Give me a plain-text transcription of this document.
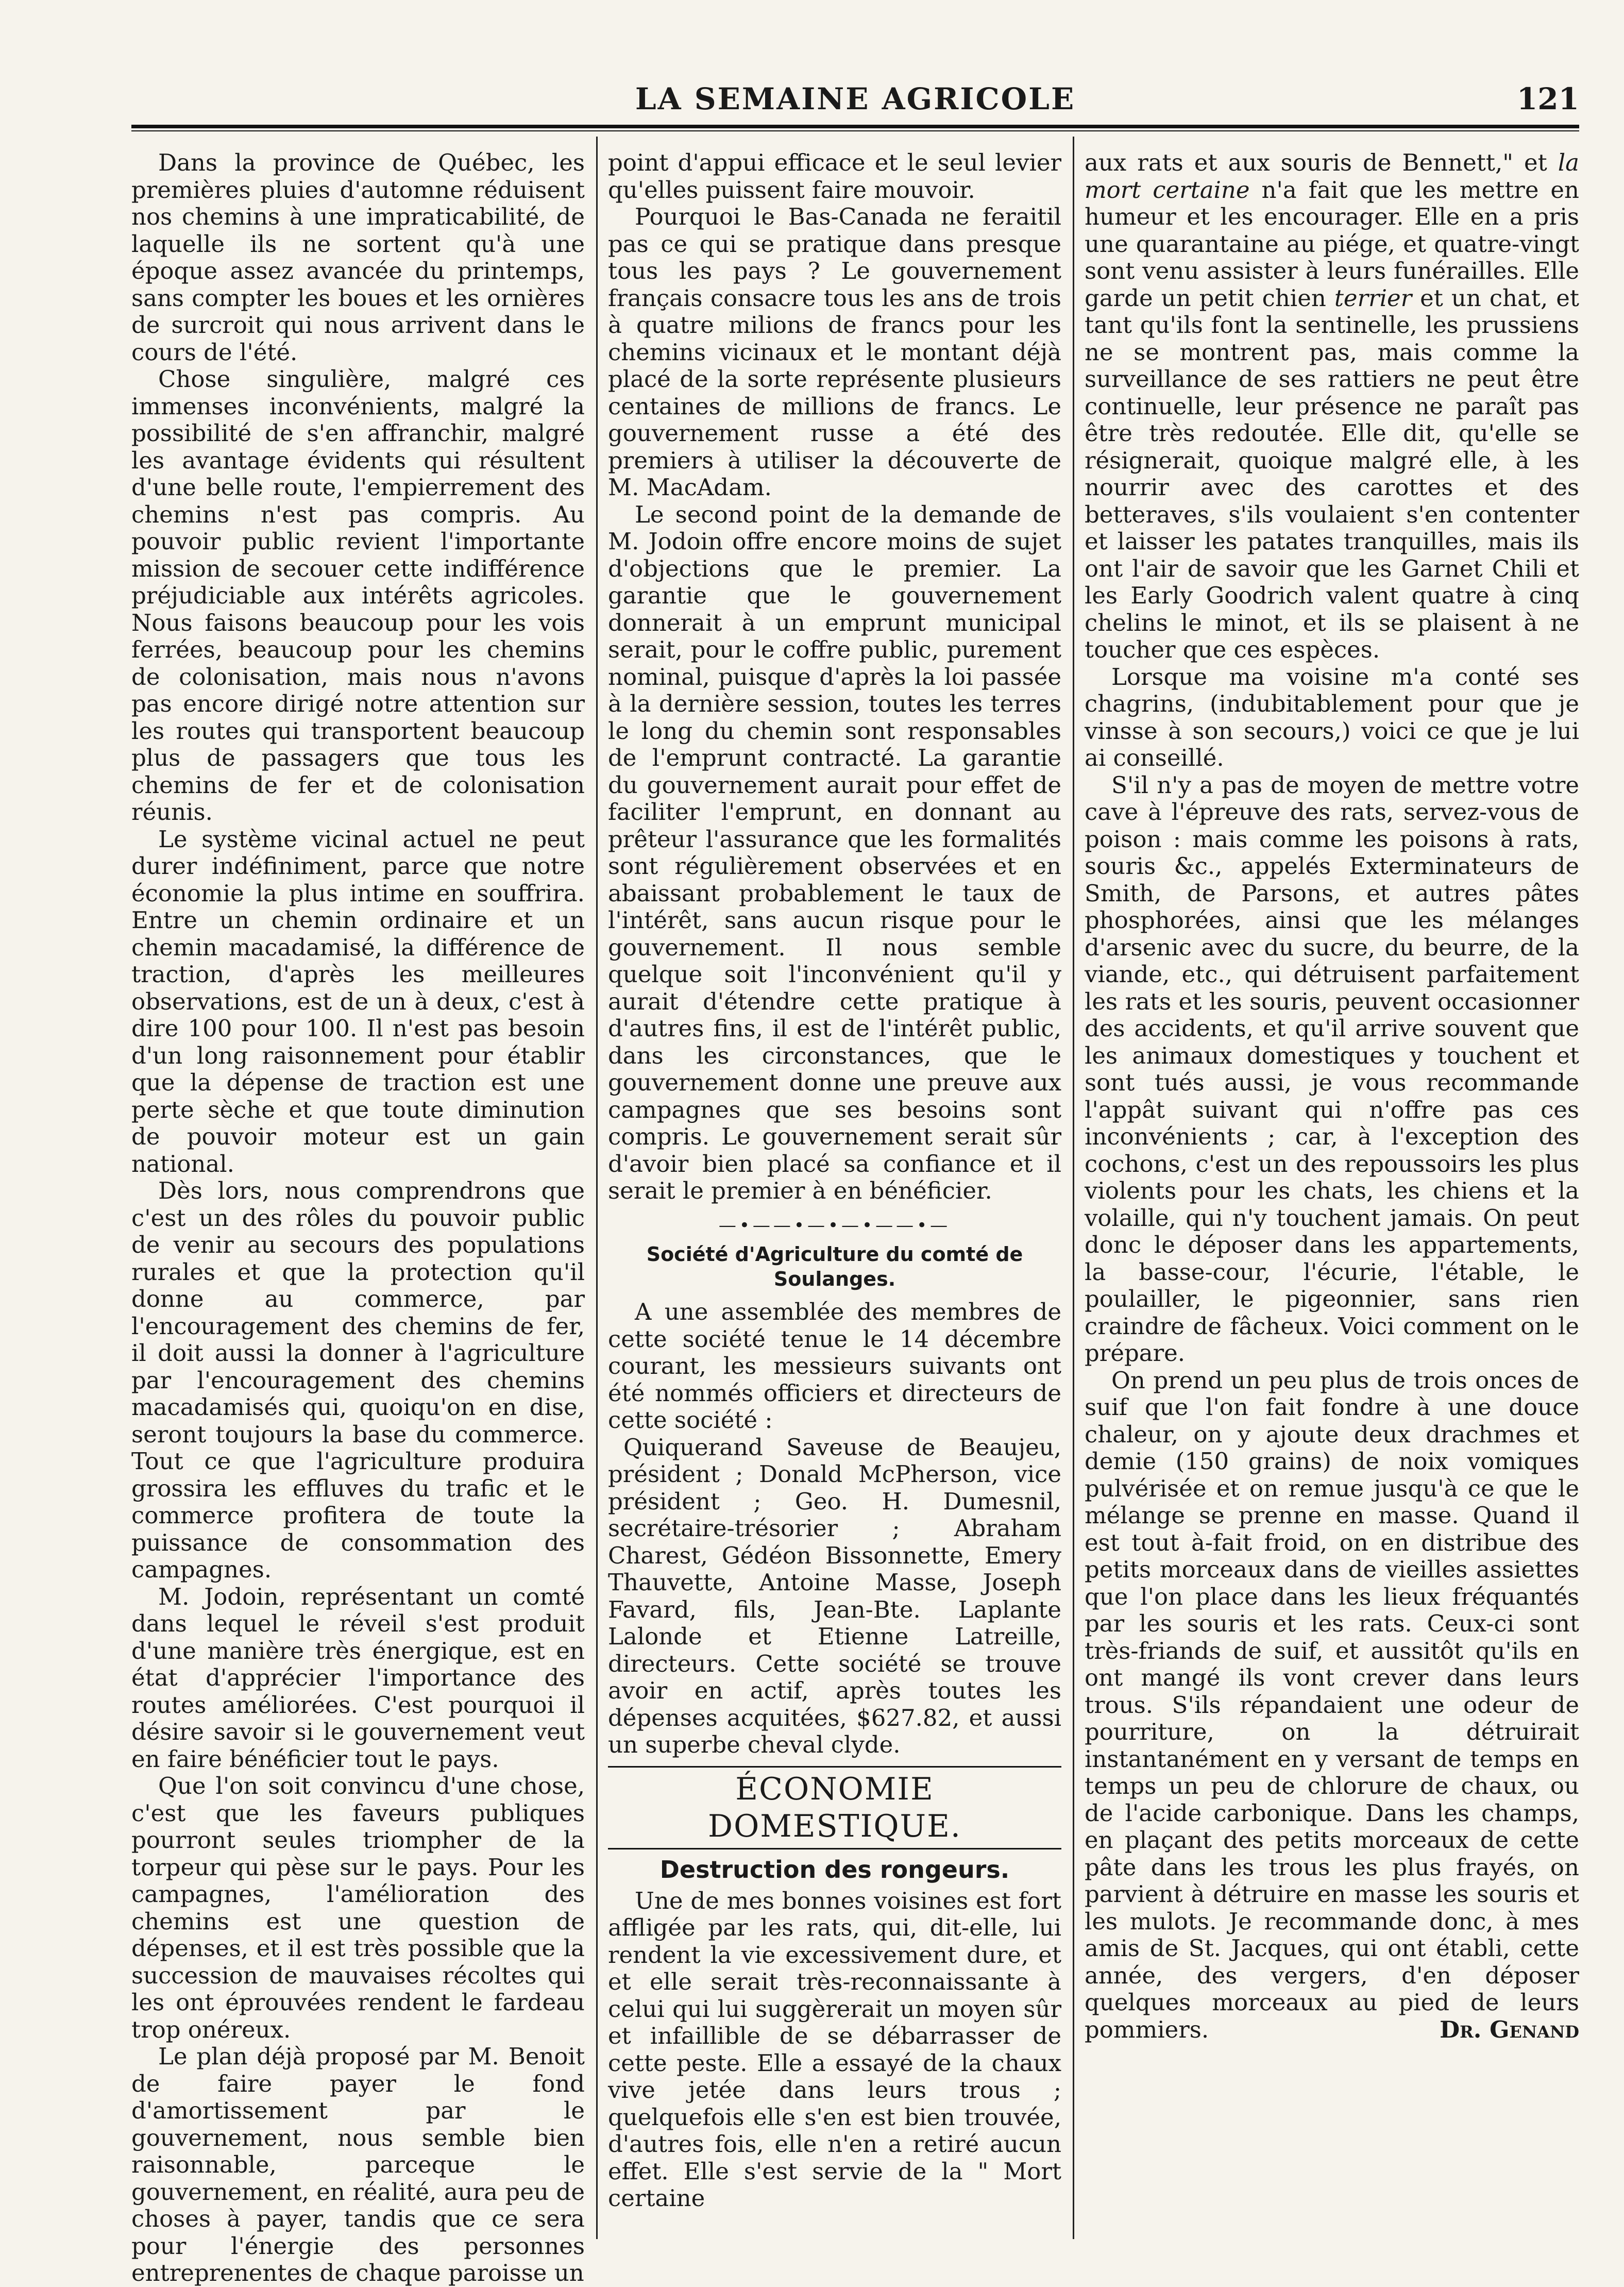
LA SEMAINE AGRICOLE	121

Dans la province de Québec, les premières pluies d'automne réduisent nos chemins à une impraticabilité, de laquelle ils ne sortent qu'à une époque assez avancée du printemps, sans compter les boues et les ornières de surcroit qui nous arrivent dans le cours de l'été.

Chose singulière, malgré ces immenses inconvénients, malgré la possibilité de s'en affranchir, malgré les avantage évidents qui résultent d'une belle route, l'empierrement des chemins n'est pas compris. Au pouvoir public revient l'importante mission de secouer cette indifférence préjudiciable aux intérêts agricoles. Nous faisons beaucoup pour les vois ferrées, beaucoup pour les chemins de colonisation, mais nous n'avons pas encore dirigé notre attention sur les routes qui transportent beaucoup plus de passagers que tous les chemins de fer et de colonisation réunis.

Le système vicinal actuel ne peut durer indéfiniment, parce que notre économie la plus intime en souffrira. Entre un chemin ordinaire et un chemin macadamisé, la différence de traction, d'après les meilleures observations, est de un à deux, c'est à dire 100 pour 100. Il n'est pas besoin d'un long raisonnement pour établir que la dépense de traction est une perte sèche et que toute diminution de pouvoir moteur est un gain national.

Dès lors, nous comprendrons que c'est un des rôles du pouvoir public de venir au secours des populations rurales et que la protection qu'il donne au commerce, par l'encouragement des chemins de fer, il doit aussi la donner à l'agriculture par l'encouragement des chemins macadamisés qui, quoiqu'on en dise, seront toujours la base du commerce. Tout ce que l'agriculture produira grossira les effluves du trafic et le commerce profitera de toute la puissance de consommation des campagnes.

M. Jodoin, représentant un comté dans lequel le réveil s'est produit d'une manière très énergique, est en état d'apprécier l'importance des routes améliorées. C'est pourquoi il désire savoir si le gouvernement veut en faire bénéficier tout le pays.

Que l'on soit convincu d'une chose, c'est que les faveurs publiques pourront seules triompher de la torpeur qui pèse sur le pays. Pour les campagnes, l'amélioration des chemins est une question de dépenses, et il est très possible que la succession de mauvaises récoltes qui les ont éprouvées rendent le fardeau trop onéreux.

Le plan déjà proposé par M. Benoit de faire payer le fond d'amortissement par le gouvernement, nous semble bien raisonnable, parceque le gouvernement, en réalité, aura peu de choses à payer, tandis que ce sera pour l'énergie des personnes entreprenentes de chaque paroisse un

point d'appui efficace et le seul levier qu'elles puissent faire mouvoir.

Pourquoi le Bas-Canada ne feraitil pas ce qui se pratique dans presque tous les pays ? Le gouvernement français consacre tous les ans de trois à quatre milions de francs pour les chemins vicinaux et le montant déjà placé de la sorte représente plusieurs centaines de millions de francs. Le gouvernement russe a été des premiers à utiliser la découverte de M. MacAdam.

Le second point de la demande de M. Jodoin offre encore moins de sujet d'objections que le premier. La garantie que le gouvernement donnerait à un emprunt municipal serait, pour le coffre public, purement nominal, puisque d'après la loi passée à la dernière session, toutes les terres le long du chemin sont responsables de l'emprunt contracté. La garantie du gouvernement aurait pour effet de faciliter l'emprunt, en donnant au prêteur l'assurance que les formalités sont régulièrement observées et en abaissant probablement le taux de l'intérêt, sans aucun risque pour le gouvernement. Il nous semble quelque soit l'inconvénient qu'il y aurait d'étendre cette pratique à d'autres fins, il est de l'intérêt public, dans les circonstances, que le gouvernement donne une preuve aux campagnes que ses besoins sont compris. Le gouvernement serait sûr d'avoir bien placé sa confiance et il serait le premier à en bénéficier.

—•——•—•—•——•—
Société d'Agriculture du comté de Soulanges.

A une assemblée des membres de cette société tenue le 14 décembre courant, les messieurs suivants ont été nommés officiers et directeurs de cette société :

Quiquerand Saveuse de Beaujeu, président ; Donald McPherson, vice président ; Geo. H. Dumesnil, secrétaire-trésorier ; Abraham Charest, Gédéon Bissonnette, Emery Thauvette, Antoine Masse, Joseph Favard, fils, Jean-Bte. Laplante Lalonde et Etienne Latreille, directeurs. Cette société se trouve avoir en actif, après toutes les dépenses acquitées, $627.82, et aussi un superbe cheval clyde.

ÉCONOMIE DOMESTIQUE.
Destruction des rongeurs.

Une de mes bonnes voisines est fort affligée par les rats, qui, dit-elle, lui rendent la vie excessivement dure, et et elle serait très-reconnaissante à celui qui lui suggèrerait un moyen sûr et infaillible de se débarrasser de cette peste. Elle a essayé de la chaux vive jetée dans leurs trous ; quelquefois elle s'en est bien trouvée, d'autres fois, elle n'en a retiré aucun effet. Elle s'est servie de la " Mort certaine

aux rats et aux souris de Bennett," et la mort certaine n'a fait que les mettre en humeur et les encourager. Elle en a pris une quarantaine au piége, et quatre-vingt sont venu assister à leurs funérailles. Elle garde un petit chien terrier et un chat, et tant qu'ils font la sentinelle, les prussiens ne se montrent pas, mais comme la surveillance de ses rattiers ne peut être continuelle, leur présence ne paraît pas être très redoutée. Elle dit, qu'elle se résignerait, quoique malgré elle, à les nourrir avec des carottes et des betteraves, s'ils voulaient s'en contenter et laisser les patates tranquilles, mais ils ont l'air de savoir que les Garnet Chili et les Early Goodrich valent quatre à cinq chelins le minot, et ils se plaisent à ne toucher que ces espèces.

Lorsque ma voisine m'a conté ses chagrins, (indubitablement pour que je vinsse à son secours,) voici ce que je lui ai conseillé.

S'il n'y a pas de moyen de mettre votre cave à l'épreuve des rats, servez-vous de poison : mais comme les poisons à rats, souris &c., appelés Exterminateurs de Smith, de Parsons, et autres pâtes phosphorées, ainsi que les mélanges d'arsenic avec du sucre, du beurre, de la viande, etc., qui détruisent parfaitement les rats et les souris, peuvent occasionner des accidents, et qu'il arrive souvent que les animaux domestiques y touchent et sont tués aussi, je vous recommande l'appât suivant qui n'offre pas ces inconvénients ; car, à l'exception des cochons, c'est un des repoussoirs les plus violents pour les chats, les chiens et la volaille, qui n'y touchent jamais. On peut donc le déposer dans les appartements, la basse-cour, l'écurie, l'étable, le poulailler, le pigeonnier, sans rien craindre de fâcheux. Voici comment on le prépare.

On prend un peu plus de trois onces de suif que l'on fait fondre à une douce chaleur, on y ajoute deux drachmes et demie (150 grains) de noix vomiques pulvérisée et on remue jusqu'à ce que le mélange se prenne en masse. Quand il est tout à-fait froid, on en distribue des petits morceaux dans de vieilles assiettes que l'on place dans les lieux fréquantés par les souris et les rats. Ceux-ci sont très-friands de suif, et aussitôt qu'ils en ont mangé ils vont crever dans leurs trous. S'ils répandaient une odeur de pourriture, on la détruirait instantanément en y versant de temps en temps un peu de chlorure de chaux, ou de l'acide carbonique. Dans les champs, en plaçant des petits morceaux de cette pâte dans les trous les plus frayés, on parvient à détruire en masse les souris et les mulots. Je recommande donc, à mes amis de St. Jacques, qui ont établi, cette année, des vergers, d'en déposer quelques morceaux au pied de leurs pommiers.	Dr. Genand
